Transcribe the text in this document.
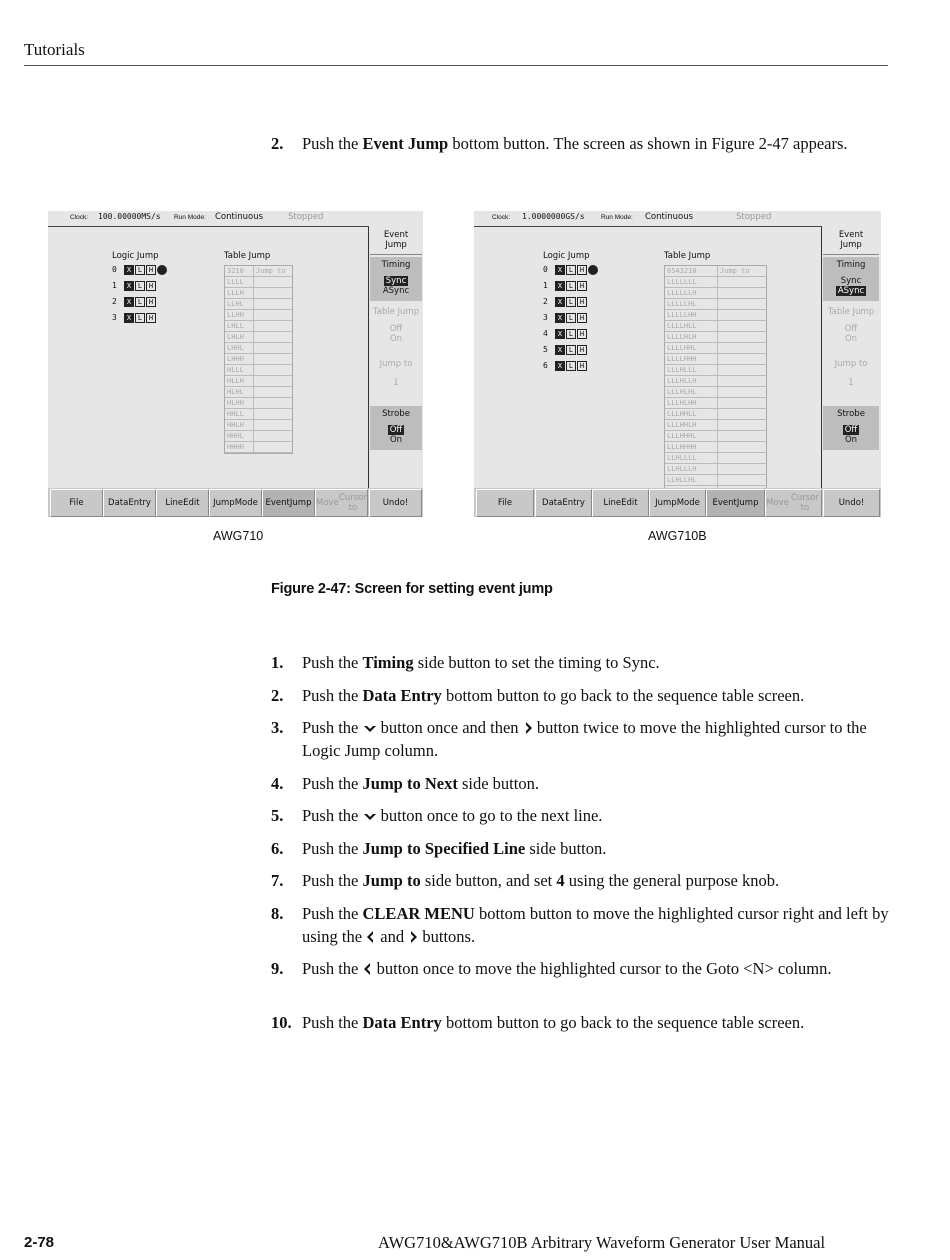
Tutorials
2. Push the Event Jump bottom button. The screen as shown in Figure 2-47 appears.
Clock: 100.00000MS/s Run Mode: Continuous	Stopped
Logic Jump	Table Jump
0	X L H
1	X L H
2	X L H
3	X L H
3210	Jump to
LLLL
LLLH
LLHL
LLHH
LHLL
LHLH
LHHL
LHHH
HLLL
HLLH
HLHL
HLHH
HHLL
HHLH
HHHL
HHHH
Event
Jump
Timing
Sync
ASync
Table Jump
Off
On
Jump to
1
Strobe
Off
On
File	Data Entry Line Edit Jump Mode Event Jump Move Cursor to	Undo!
Clock: 1.0000000GS/s	Run Mode: Continuous	Stopped
Logic Jump	Table Jump
0	X L H
1	X L H
2	X L H
3	X L H
4	X L H
5	X L H
6	X L H
6543210	Jump to
LLLLLLL
LLLLLLH
LLLLLHL
LLLLLHH
LLLLHLL
LLLLHLH
LLLLHHL
LLLLHHH
LLLHLLL
LLLHLLH
LLLHLHL
LLLHLHH
LLLHHLL
LLLHHLH
LLLHHHL
LLLHHHH
LLHLLLL
LLHLLLH
LLHLLHL
Event
Jump
Timing
Sync
ASync
Table Jump
Off
On
Jump to
1
Strobe
Off
On
File	Data Entry Line Edit Jump Mode Event Jump Move Cursor to	Undo!
AWG710	AWG710B
Figure 2-47: Screen for setting event jump
1. Push the Timing side button to set the timing to Sync.
2. Push the Data Entry bottom button to go back to the sequence table screen.
3. Push the  button once and then  button twice to move the highlighted cursor to the Logic Jump column.
4. Push the Jump to Next side button.
5. Push the  button once to go to the next line.
6. Push the Jump to Specified Line side button.
7. Push the Jump to side button, and set 4 using the general purpose knob.
8. Push the CLEAR MENU bottom button to move the highlighted cursor right and left by using the  and  buttons.
9. Push the  button once to move the highlighted cursor to the Goto <N> column.
10. Push the Data Entry bottom button to go back to the sequence table screen.
2-78	AWG710&AWG710B Arbitrary Waveform Generator User Manual
